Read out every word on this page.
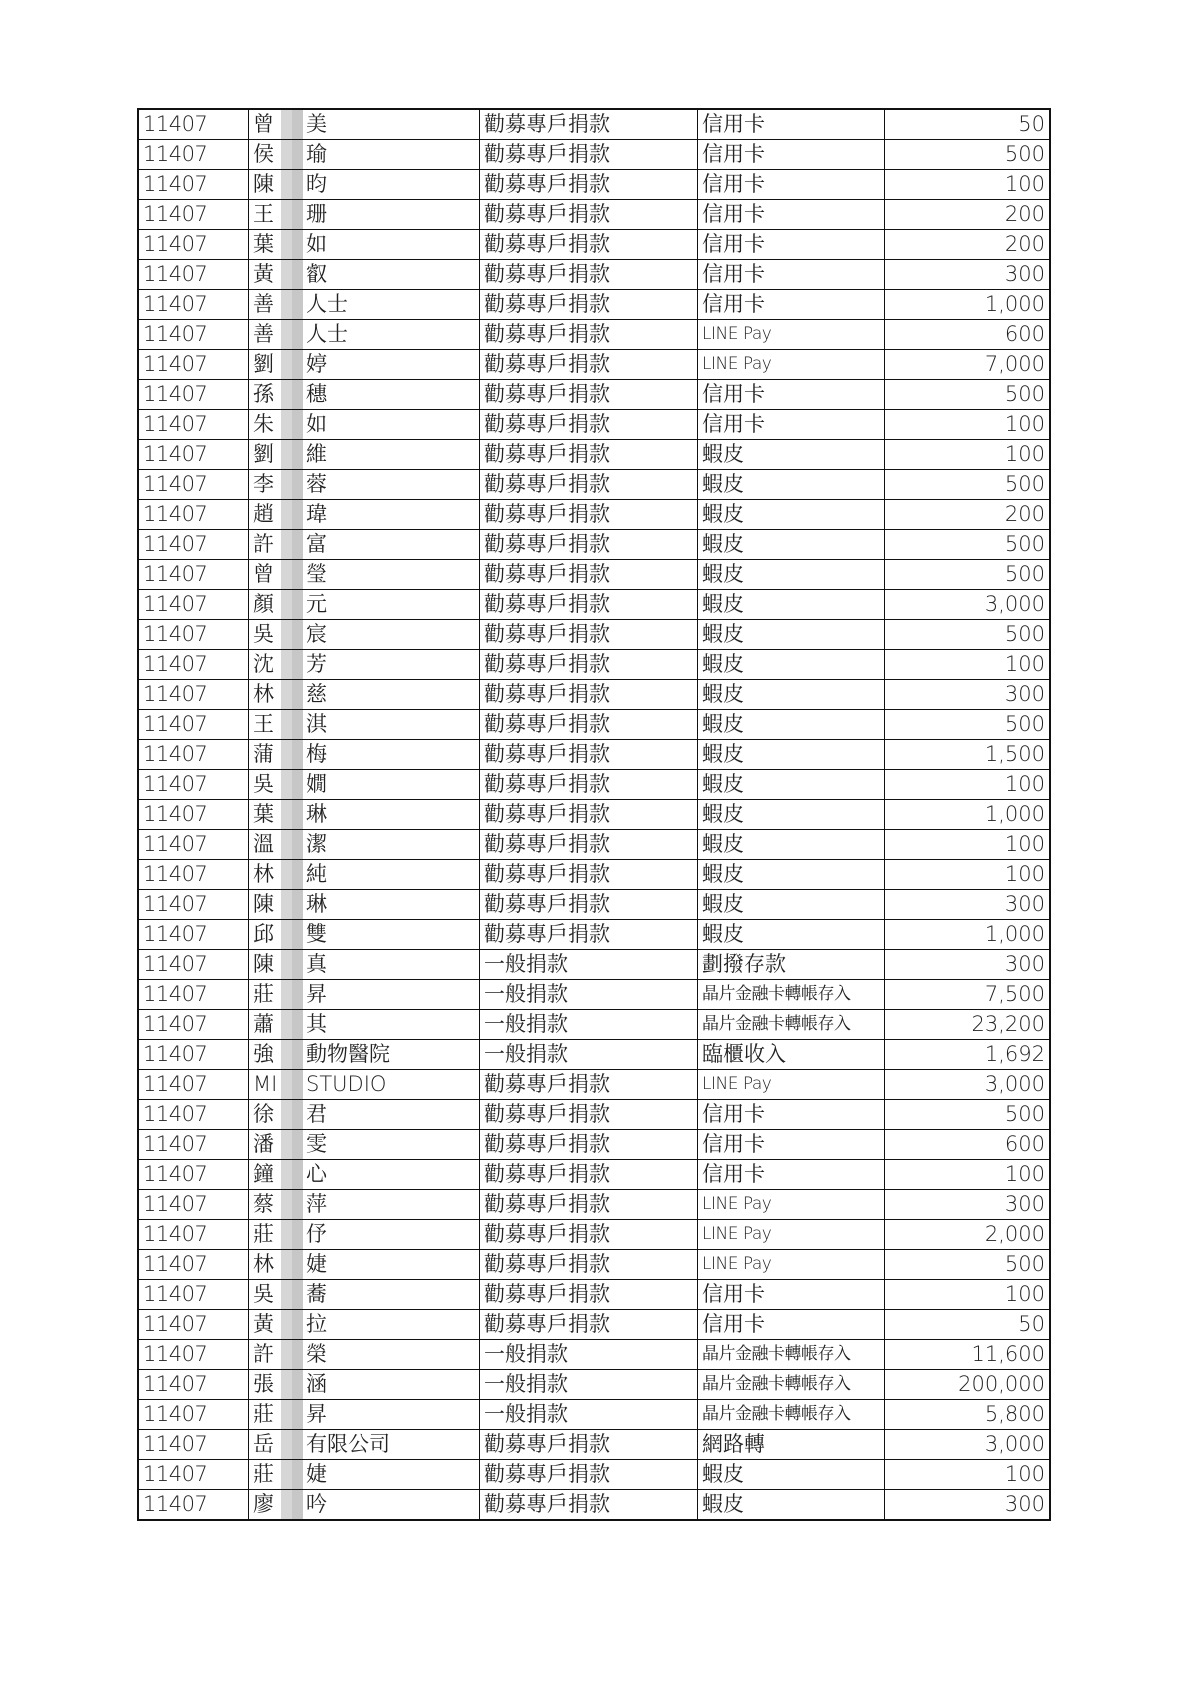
11407	曾 美	勸募專戶捐款	信用卡	50
11407	侯 瑜	勸募專戶捐款	信用卡	500
11407	陳 昀	勸募專戶捐款	信用卡	100
11407	王 珊	勸募專戶捐款	信用卡	200
11407	葉 如	勸募專戶捐款	信用卡	200
11407	黃 叡	勸募專戶捐款	信用卡	300
11407	善 人士	勸募專戶捐款	信用卡	1,000
11407	善 人士	勸募專戶捐款	LINE Pay	600
11407	劉 婷	勸募專戶捐款	LINE Pay	7,000
11407	孫 穗	勸募專戶捐款	信用卡	500
11407	朱 如	勸募專戶捐款	信用卡	100
11407	劉 維	勸募專戶捐款	蝦皮	100
11407	李 蓉	勸募專戶捐款	蝦皮	500
11407	趙 瑋	勸募專戶捐款	蝦皮	200
11407	許 富	勸募專戶捐款	蝦皮	500
11407	曾 瑩	勸募專戶捐款	蝦皮	500
11407	顏 元	勸募專戶捐款	蝦皮	3,000
11407	吳 宸	勸募專戶捐款	蝦皮	500
11407	沈 芳	勸募專戶捐款	蝦皮	100
11407	林 慈	勸募專戶捐款	蝦皮	300
11407	王 淇	勸募專戶捐款	蝦皮	500
11407	蒲 梅	勸募專戶捐款	蝦皮	1,500
11407	吳 嫺	勸募專戶捐款	蝦皮	100
11407	葉 琳	勸募專戶捐款	蝦皮	1,000
11407	溫 潔	勸募專戶捐款	蝦皮	100
11407	林 純	勸募專戶捐款	蝦皮	100
11407	陳 琳	勸募專戶捐款	蝦皮	300
11407	邱 雙	勸募專戶捐款	蝦皮	1,000
11407	陳 真	一般捐款	劃撥存款	300
11407	莊 昇	一般捐款	晶片金融卡轉帳存入	7,500
11407	蕭 其	一般捐款	晶片金融卡轉帳存入	23,200
11407	強 動物醫院	一般捐款	臨櫃收入	1,692
11407	MI STUDIO	勸募專戶捐款	LINE Pay	3,000
11407	徐 君	勸募專戶捐款	信用卡	500
11407	潘 雯	勸募專戶捐款	信用卡	600
11407	鐘 心	勸募專戶捐款	信用卡	100
11407	蔡 萍	勸募專戶捐款	LINE Pay	300
11407	莊 伃	勸募專戶捐款	LINE Pay	2,000
11407	林 婕	勸募專戶捐款	LINE Pay	500
11407	吳 蕎	勸募專戶捐款	信用卡	100
11407	黃 拉	勸募專戶捐款	信用卡	50
11407	許 榮	一般捐款	晶片金融卡轉帳存入	11,600
11407	張 涵	一般捐款	晶片金融卡轉帳存入	200,000
11407	莊 昇	一般捐款	晶片金融卡轉帳存入	5,800
11407	岳 有限公司	勸募專戶捐款	網路轉	3,000
11407	莊 婕	勸募專戶捐款	蝦皮	100
11407	廖 吟	勸募專戶捐款	蝦皮	300
